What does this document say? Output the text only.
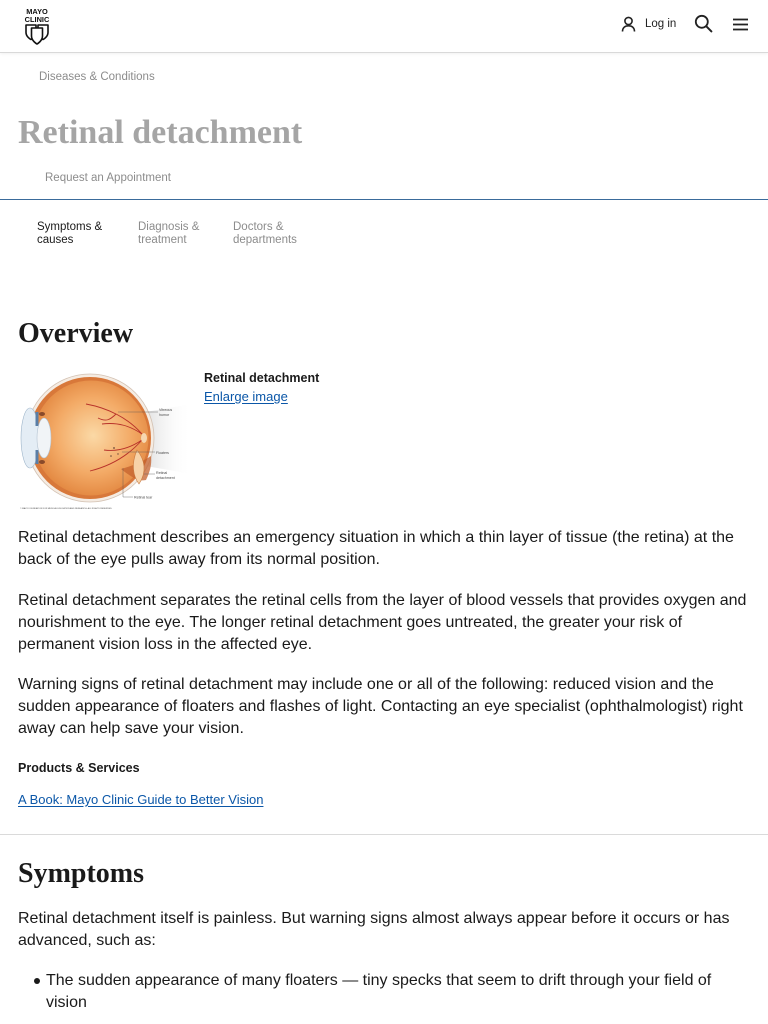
MAYO
CLINIC	Log in
Diseases & Conditions
Retinal detachment
Request an Appointment
Symptoms & causes
Diagnosis & treatment
Doctors & departments
Overview
Vitreous
humor
Floaters
Retinal
detachment
Retinal tear
© MAYO FOUNDATION FOR MEDICAL EDUCATION AND RESEARCH. ALL RIGHTS RESERVED.
Retinal detachment
Enlarge image

Retinal detachment describes an emergency situation in which a thin layer of tissue (the retina) at the back of the eye pulls away from its normal position.

Retinal detachment separates the retinal cells from the layer of blood vessels that provides oxygen and nourishment to the eye. The longer retinal detachment goes untreated, the greater your risk of permanent vision loss in the affected eye.

Warning signs of retinal detachment may include one or all of the following: reduced vision and the sudden appearance of floaters and flashes of light. Contacting an eye specialist (ophthalmologist) right away can help save your vision.

Products & Services
A Book: Mayo Clinic Guide to Better Vision
Symptoms

Retinal detachment itself is painless. But warning signs almost always appear before it occurs or has advanced, such as:

The sudden appearance of many floaters — tiny specks that seem to drift through your field of vision
